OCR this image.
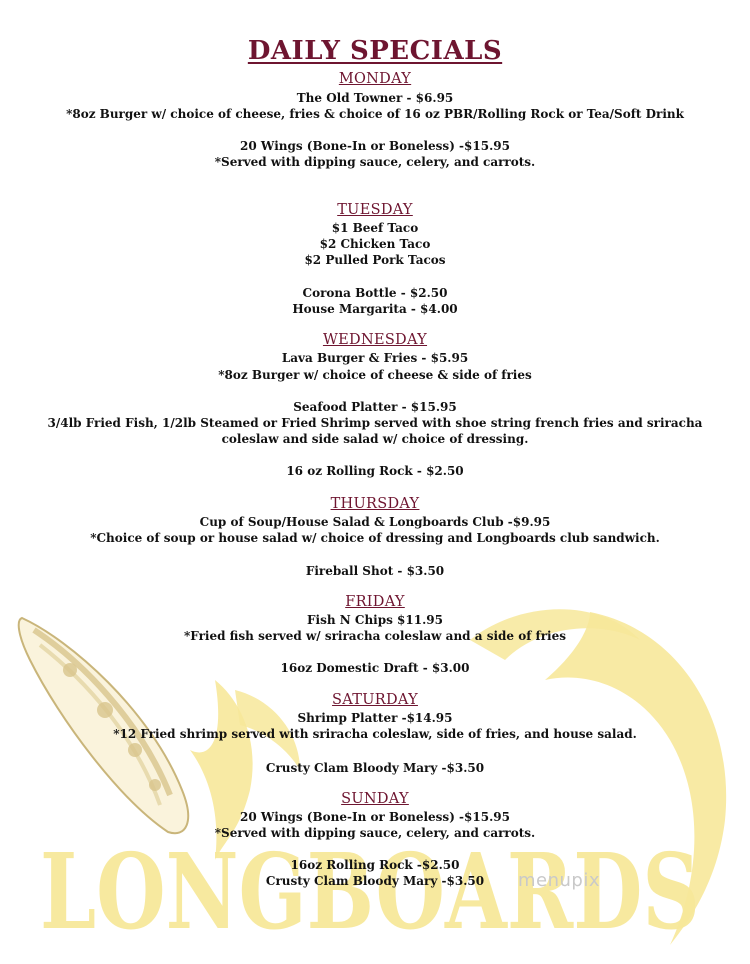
LONGBOARDS
DAILY SPECIALS
MONDAY
The Old Towner - $6.95
*8oz Burger w/ choice of cheese, fries & choice of 16 oz PBR/Rolling Rock or Tea/Soft Drink
20 Wings (Bone-In or Boneless) -$15.95
*Served with dipping sauce, celery, and carrots.
TUESDAY
$1 Beef Taco
$2 Chicken Taco
$2 Pulled Pork Tacos
Corona Bottle - $2.50
House Margarita - $4.00
WEDNESDAY
Lava Burger & Fries - $5.95
*8oz Burger w/ choice of cheese & side of fries
Seafood Platter - $15.95
3/4lb Fried Fish, 1/2lb Steamed or Fried Shrimp served with shoe string french fries and sriracha
coleslaw and side salad w/ choice of dressing.
16 oz Rolling Rock - $2.50
THURSDAY
Cup of Soup/House Salad & Longboards Club -$9.95
*Choice of soup or house salad w/ choice of dressing and Longboards club sandwich.
Fireball Shot - $3.50
FRIDAY
Fish N Chips $11.95
*Fried fish served w/ sriracha coleslaw and a side of fries
16oz Domestic Draft - $3.00
SATURDAY
Shrimp Platter -$14.95
*12 Fried shrimp served with sriracha coleslaw, side of fries, and house salad.
Crusty Clam Bloody Mary -$3.50
SUNDAY
20 Wings (Bone-In or Boneless) -$15.95
*Served with dipping sauce, celery, and carrots.
16oz Rolling Rock -$2.50
Crusty Clam Bloody Mary -$3.50	menupix
